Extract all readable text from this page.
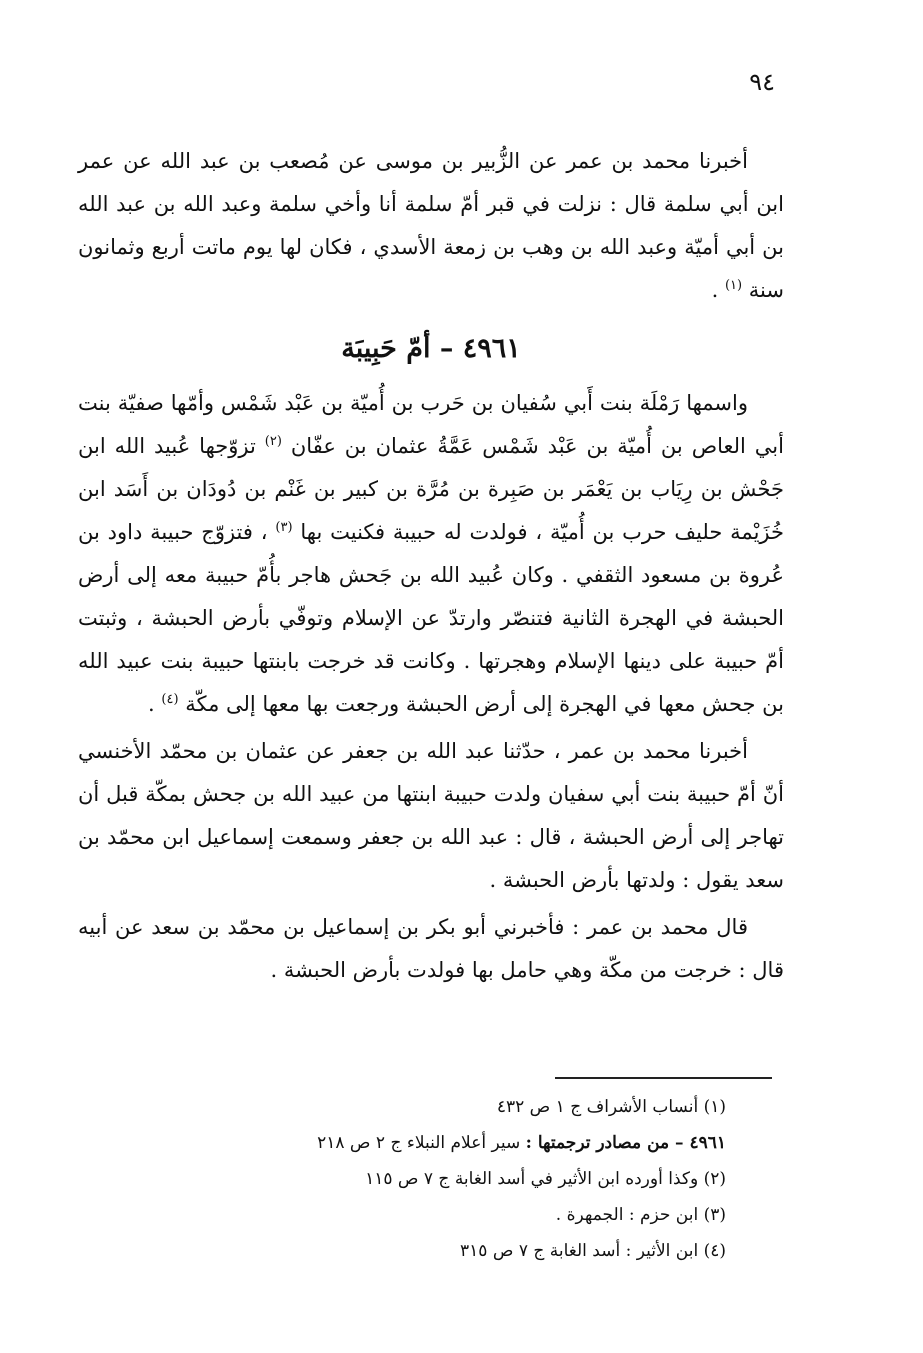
٩٤

أخبرنا محمد بن عمر عن الزُّبير بن موسى عن مُصعب بن عبد الله عن عمر ابن أبي سلمة قال : نزلت في قبر أمّ سلمة أنا وأخي سلمة وعبد الله بن عبد الله بن أبي أميّة وعبد الله بن وهب بن زمعة الأسدي ، فكان لها يوم ماتت أربع وثمانون سنة $^{(١)}$ .

٤٩٦١ – أمّ حَبِيبَة

واسمها رَمْلَة بنت أَبي سُفيان بن حَرب بن أُميّة بن عَبْد شَمْس وأمّها صفيّة بنت أبي العاص بن أُميّة بن عَبْد شَمْس عَمَّةُ عثمان بن عفّان $^{(٢)}$ تزوّجها عُبيد الله ابن جَحْش بن رِيَاب بن يَعْمَر بن صَبِرة بن مُرَّة بن كبير بن غَنْم بن دُودَان بن أَسَد ابن خُزَيْمة حليف حرب بن أُميّة ، فولدت له حبيبة فكنيت بها $^{(٣)}$ ، فتزوّج حبيبة داود بن عُروة بن مسعود الثقفي . وكان عُبيد الله بن جَحش هاجر بأُمّ حبيبة معه إلى أرض الحبشة في الهجرة الثانية فتنصّر وارتدّ عن الإسلام وتوفّي بأرض الحبشة ، وثبتت أمّ حبيبة على دينها الإسلام وهجرتها . وكانت قد خرجت بابنتها حبيبة بنت عبيد الله بن جحش معها في الهجرة إلى أرض الحبشة ورجعت بها معها إلى مكّة $^{(٤)}$ .

أخبرنا محمد بن عمر ، حدّثنا عبد الله بن جعفر عن عثمان بن محمّد الأخنسي أنّ أمّ حبيبة بنت أبي سفيان ولدت حبيبة ابنتها من عبيد الله بن جحش بمكّة قبل أن تهاجر إلى أرض الحبشة ، قال : عبد الله بن جعفر وسمعت إسماعيل ابن محمّد بن سعد يقول : ولدتها بأرض الحبشة .

قال محمد بن عمر : فأخبرني أبو بكر بن إسماعيل بن محمّد بن سعد عن أبيه قال : خرجت من مكّة وهي حامل بها فولدت بأرض الحبشة .

(١) أنساب الأشراف ج ١ ص ٤٣٢

٤٩٦١ – من مصادر ترجمتها : سير أعلام النبلاء ج ٢ ص ٢١٨

(٢) وكذا أورده ابن الأثير في أسد الغابة ج ٧ ص ١١٥

(٣) ابن حزم : الجمهرة .

(٤) ابن الأثير : أسد الغابة ج ٧ ص ٣١٥
